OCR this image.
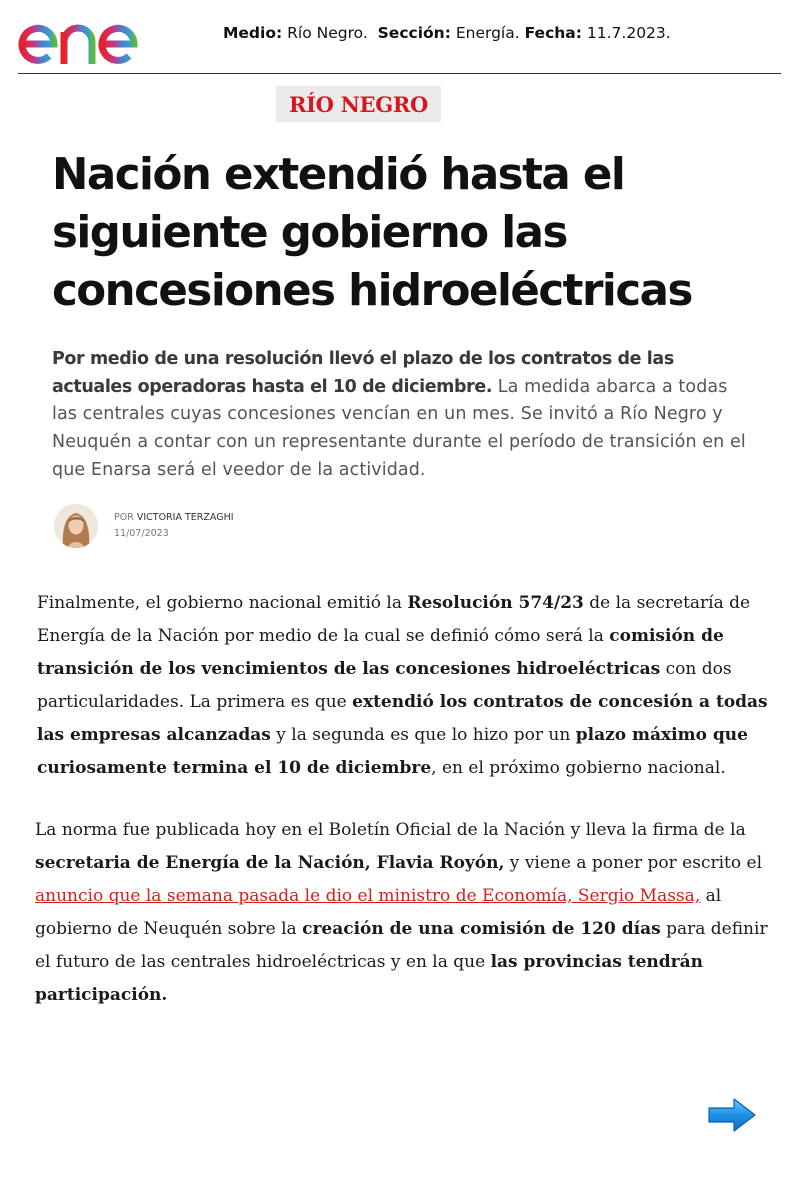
Medio: Río Negro. Sección: Energía. Fecha: 11.7.2023.
RÍO NEGRO
Nación extendió hasta el siguiente gobierno las concesiones hidroeléctricas

Por medio de una resolución llevó el plazo de los contratos de las actuales operadoras hasta el 10 de diciembre. La medida abarca a todas las centrales cuyas concesiones vencían en un mes. Se invitó a Río Negro y Neuquén a contar con un representante durante el período de transición en el que Enarsa será el veedor de la actividad.

POR VICTORIA TERZAGHI
11/07/2023

Finalmente, el gobierno nacional emitió la Resolución 574/23 de la secretaría de Energía de la Nación por medio de la cual se definió cómo será la comisión de transición de los vencimientos de las concesiones hidroeléctricas con dos particularidades. La primera es que extendió los contratos de concesión a todas las empresas alcanzadas y la segunda es que lo hizo por un plazo máximo que curiosamente termina el 10 de diciembre, en el próximo gobierno nacional.

La norma fue publicada hoy en el Boletín Oficial de la Nación y lleva la firma de la secretaria de Energía de la Nación, Flavia Royón, y viene a poner por escrito el anuncio que la semana pasada le dio el ministro de Economía, Sergio Massa, al gobierno de Neuquén sobre la creación de una comisión de 120 días para definir el futuro de las centrales hidroeléctricas y en la que las provincias tendrán participación.
